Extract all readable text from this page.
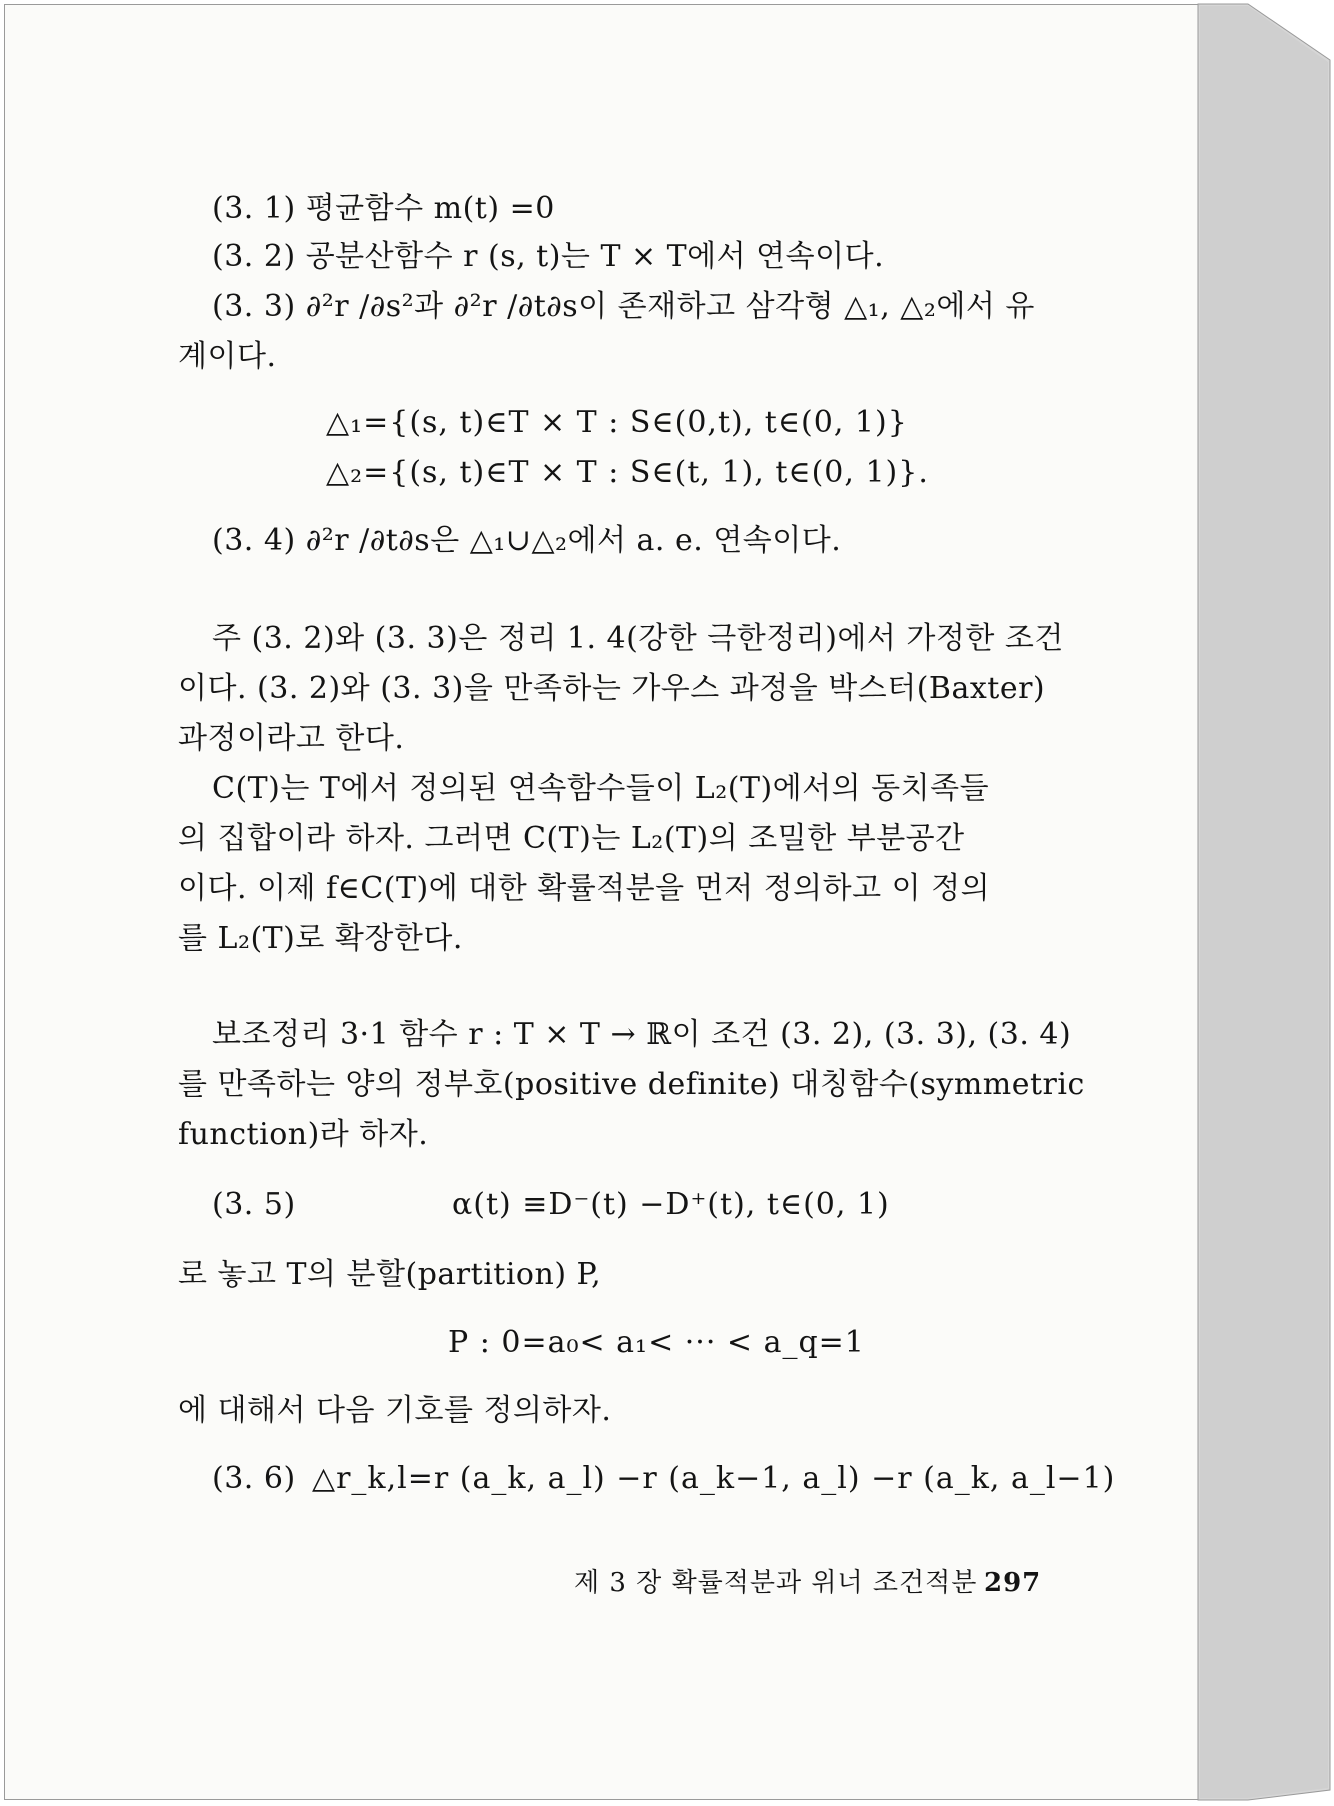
(3. 1) 평균함수 m(t) =0
(3. 2) 공분산함수 r (s, t)는 T × T에서 연속이다.
(3. 3) ∂²r /∂s²과 ∂²r /∂t∂s이 존재하고 삼각형 △₁, △₂에서 유
계이다.
△₁={(s, t)∈T × T : S∈(0,t), t∈(0, 1)}
△₂={(s, t)∈T × T : S∈(t, 1), t∈(0, 1)}.
(3. 4) ∂²r /∂t∂s은 △₁∪△₂에서 a. e. 연속이다.
주 (3. 2)와 (3. 3)은 정리 1. 4(강한 극한정리)에서 가정한 조건
이다. (3. 2)와 (3. 3)을 만족하는 가우스 과정을 박스터(Baxter)
과정이라고 한다.
C(T)는 T에서 정의된 연속함수들이 L₂(T)에서의 동치족들
의 집합이라 하자. 그러면 C(T)는 L₂(T)의 조밀한 부분공간
이다. 이제 f∈C(T)에 대한 확률적분을 먼저 정의하고 이 정의
를 L₂(T)로 확장한다.
보조정리 3·1 함수 r : T × T → ℝ이 조건 (3. 2), (3. 3), (3. 4)
를 만족하는 양의 정부호(positive definite) 대칭함수(symmetric
function)라 하자.
(3. 5)	α(t) ≡D⁻(t) −D⁺(t), t∈(0, 1)
로 놓고 T의 분할(partition) P,
P : 0=a₀< a₁< ··· < a_q=1
에 대해서 다음 기호를 정의하자.
(3. 6) △r_k,l=r (a_k, a_l) −r (a_k−1, a_l) −r (a_k, a_l−1)
제 3 장 확률적분과 위너 조건적분 297
